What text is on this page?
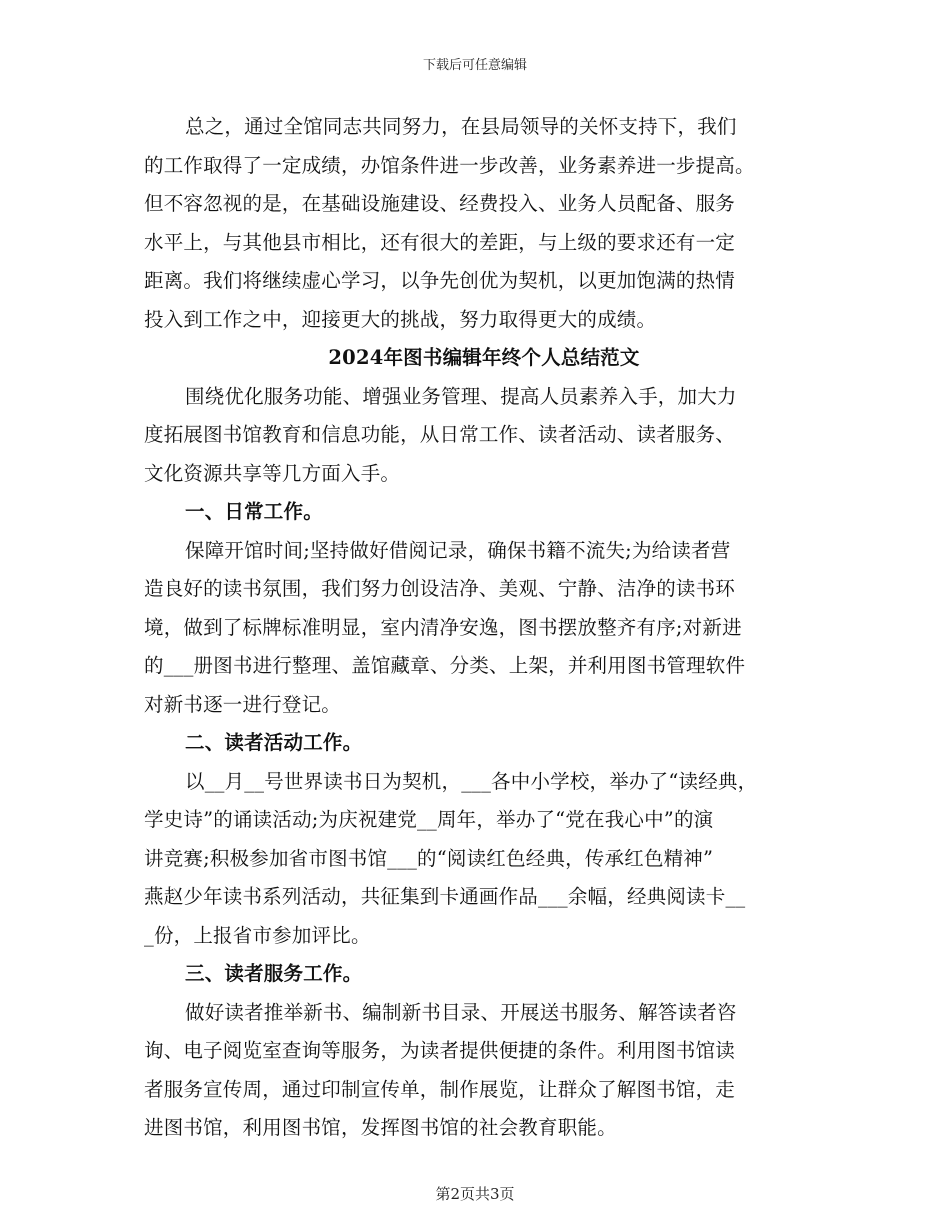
下载后可任意编辑
总之，通过全馆同志共同努力，在县局领导的关怀支持下，我们
的工作取得了一定成绩，办馆条件进一步改善，业务素养进一步提高。
但不容忽视的是，在基础设施建设、经费投入、业务人员配备、服务
水平上，与其他县市相比，还有很大的差距，与上级的要求还有一定
距离。我们将继续虚心学习，以争先创优为契机，以更加饱满的热情
投入到工作之中，迎接更大的挑战，努力取得更大的成绩。
2024年图书编辑年终个人总结范文
围绕优化服务功能、增强业务管理、提高人员素养入手，加大力
度拓展图书馆教育和信息功能，从日常工作、读者活动、读者服务、
文化资源共享等几方面入手。
一、日常工作。
保障开馆时间;坚持做好借阅记录，确保书籍不流失;为给读者营
造良好的读书氛围，我们努力创设洁净、美观、宁静、洁净的读书环
境，做到了标牌标准明显，室内清净安逸，图书摆放整齐有序;对新进
的___册图书进行整理、盖馆藏章、分类、上架，并利用图书管理软件
对新书逐一进行登记。
二、读者活动工作。
以__月__号世界读书日为契机，___各中小学校，举办了“读经典，
学史诗”的诵读活动;为庆祝建党__周年，举办了“党在我心中”的演
讲竞赛;积极参加省市图书馆___的“阅读红色经典，传承红色精神”
燕赵少年读书系列活动，共征集到卡通画作品___余幅，经典阅读卡__
_份，上报省市参加评比。
三、读者服务工作。
做好读者推举新书、编制新书目录、开展送书服务、解答读者咨
询、电子阅览室查询等服务，为读者提供便捷的条件。利用图书馆读
者服务宣传周，通过印制宣传单，制作展览，让群众了解图书馆，走
进图书馆，利用图书馆，发挥图书馆的社会教育职能。
第2页共3页
